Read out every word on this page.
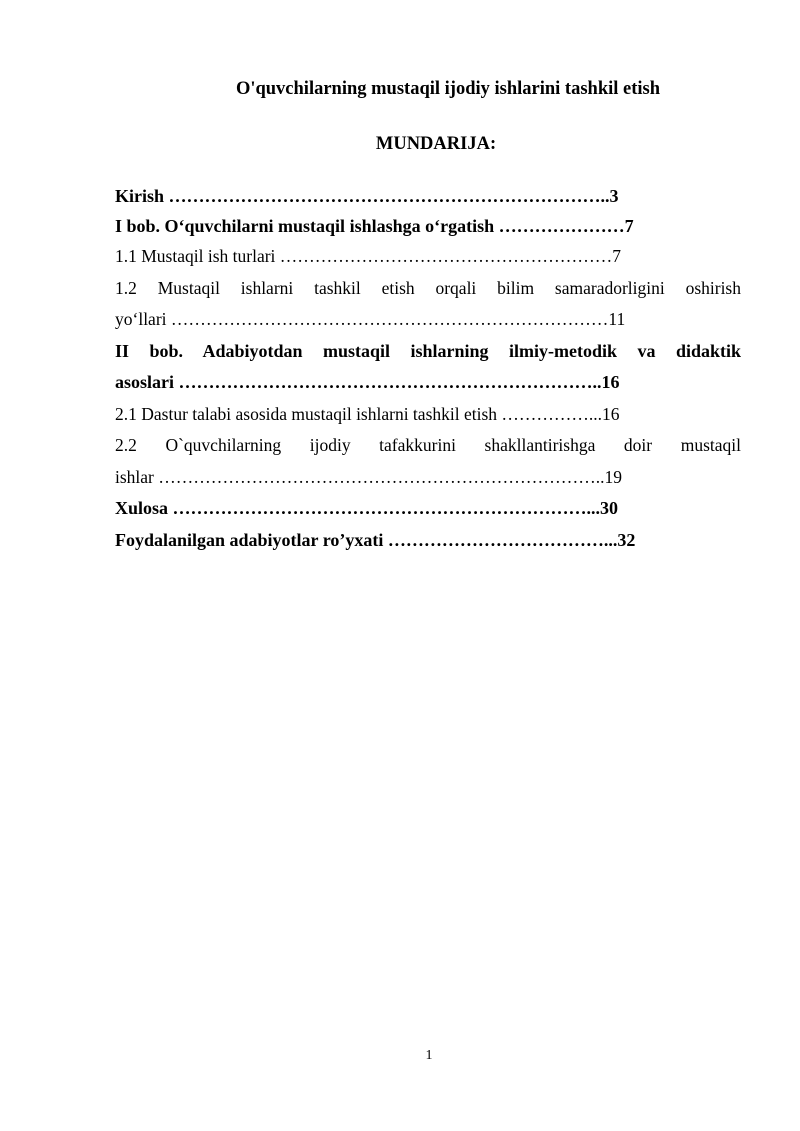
O'quvchilarning mustaqil ijodiy ishlarini tashkil etish
MUNDARIJA:
Kirish ………………………………………………………………..3
I bob. O‘quvchilarni mustaqil ishlashga o‘rgatish …………………7
1.1 Mustaqil ish turlari …………………………………………………7
1.2 Mustaqil ishlarni tashkil etish orqali bilim samaradorligini oshirish
yo‘llari …………………………………………………………………11
II bob. Adabiyotdan mustaqil ishlarning ilmiy-metodik va didaktik
asoslari ……………………………………………………………..16
2.1 Dastur talabi asosida mustaqil ishlarni tashkil etish ……………...16
2.2 O`quvchilarning ijodiy tafakkurini shakllantirishga doir mustaqil
ishlar …………………………………………………………………..19
Xulosa ……………………………………………………………...30
Foydalanilgan adabiyotlar ro’yxati ………………………………...32
1
